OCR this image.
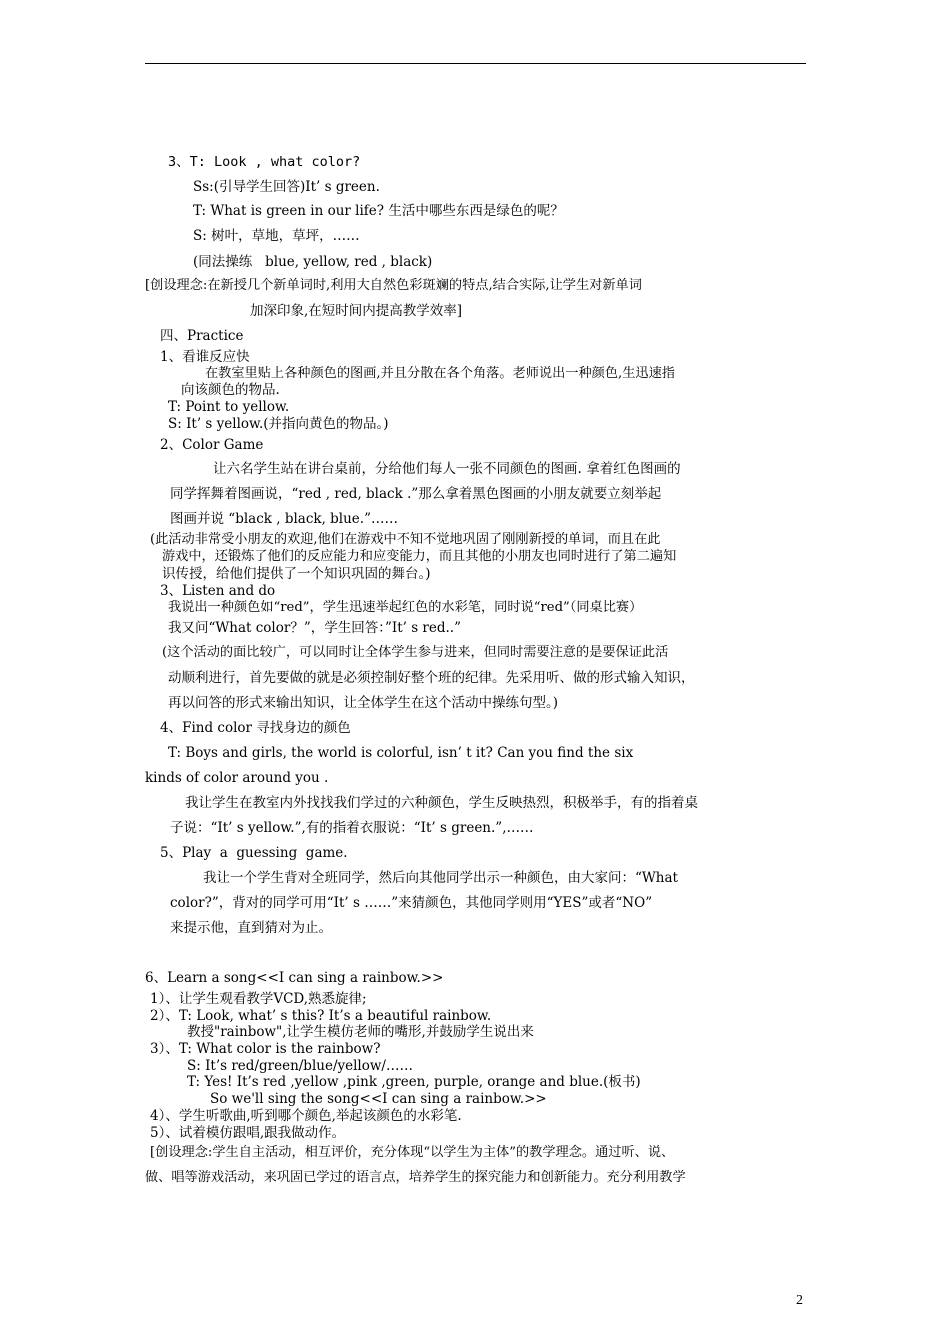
3、T: Look , what color?
Ss:(引导学生回答)It’ s green.
T: What is green in our life? 生活中哪些东西是绿色的呢？
S: 树叶，草地，草坪，……
(同法操练   blue, yellow, red , black)
[创设理念:在新授几个新单词时,利用大自然色彩斑斓的特点,结合实际,让学生对新单词
加深印象,在短时间内提高教学效率]
四、Practice
1、看谁反应快
在教室里贴上各种颜色的图画,并且分散在各个角落。老师说出一种颜色,生迅速指
向该颜色的物品.
T: Point to yellow.
S: It’ s yellow.(并指向黄色的物品。)
2、Color Game
让六名学生站在讲台桌前，分给他们每人一张不同颜色的图画. 拿着红色图画的
同学挥舞着图画说，“red , red, black .”那么拿着黑色图画的小朋友就要立刻举起
图画并说 “black , black, blue.”……
(此活动非常受小朋友的欢迎,他们在游戏中不知不觉地巩固了刚刚新授的单词，而且在此
游戏中，还锻炼了他们的反应能力和应变能力，而且其他的小朋友也同时进行了第二遍知
识传授，给他们提供了一个知识巩固的舞台。)
3、Listen and do
我说出一种颜色如“red”，学生迅速举起红色的水彩笔，同时说“red”（同桌比赛）
我又问“What color？”，学生回答：”It’ s red..”
(这个活动的面比较广，可以同时让全体学生参与进来，但同时需要注意的是要保证此活
动顺利进行，首先要做的就是必须控制好整个班的纪律。先采用听、做的形式输入知识，
再以问答的形式来输出知识，让全体学生在这个活动中操练句型。)
4、Find color 寻找身边的颜色
T: Boys and girls, the world is colorful, isn’ t it? Can you find the six
kinds of color around you .
我让学生在教室内外找找我们学过的六种颜色，学生反映热烈，积极举手，有的指着桌
子说：“It’ s yellow.”,有的指着衣服说：“It’ s green.”,……
5、Play  a  guessing  game.
我让一个学生背对全班同学，然后向其他同学出示一种颜色，由大家问：“What
color?”，背对的同学可用“It’ s ……”来猜颜色，其他同学则用“YES”或者“NO”
来提示他，直到猜对为止。
6、Learn a song<<I can sing a rainbow.>>
1）、让学生观看教学VCD,熟悉旋律;
2）、T: Look, what’ s this? It’s a beautiful rainbow.
教授"rainbow",让学生模仿老师的嘴形,并鼓励学生说出来
3）、T: What color is the rainbow?
S: It’s red/green/blue/yellow/……
T: Yes! It’s red ,yellow ,pink ,green, purple, orange and blue.(板书)
So we'll sing the song<<I can sing a rainbow.>>
4）、学生听歌曲,听到哪个颜色,举起该颜色的水彩笔.
5）、试着模仿跟唱,跟我做动作。
[创设理念:学生自主活动，相互评价，充分体现“以学生为主体”的教学理念。通过听、说、
做、唱等游戏活动，来巩固已学过的语言点，培养学生的探究能力和创新能力。充分利用教学
2
